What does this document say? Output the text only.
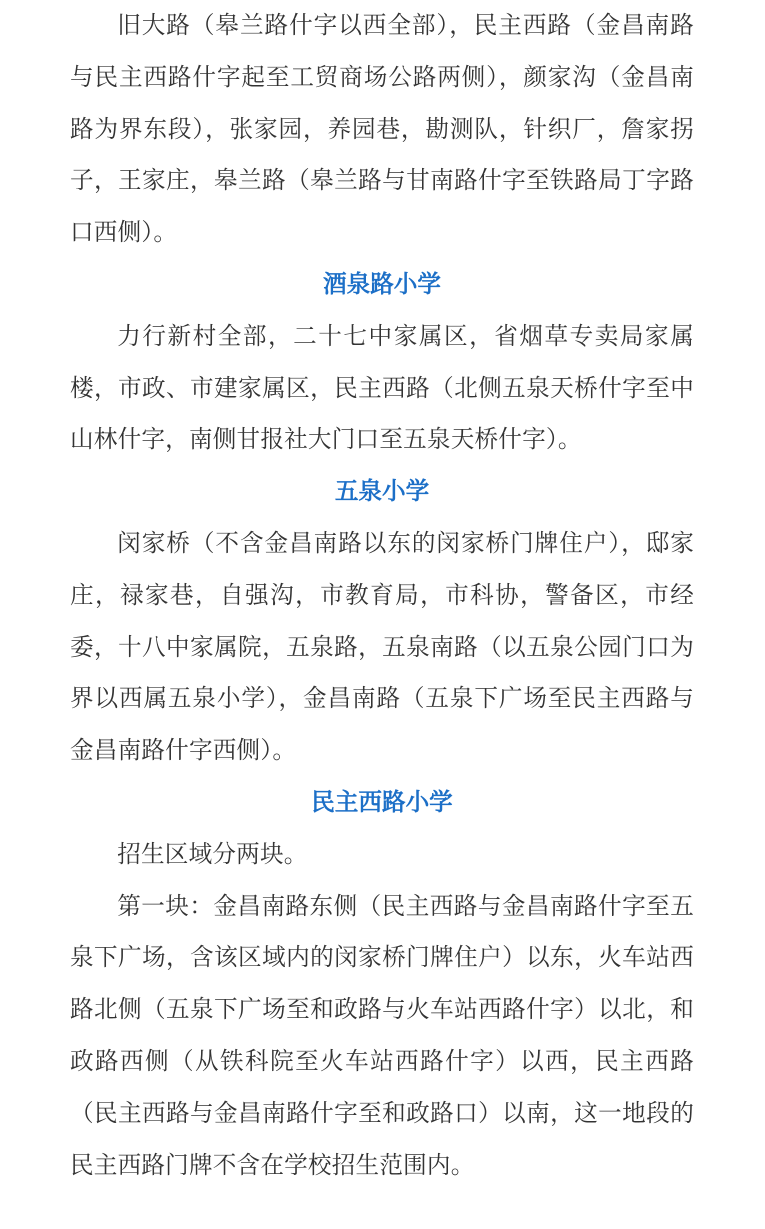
旧大路（皋兰路什字以西全部），民主西路（金昌南路与民主西路什字起至工贸商场公路两侧），颜家沟（金昌南路为界东段），张家园，养园巷，勘测队，针织厂，詹家拐子，王家庄，皋兰路（皋兰路与甘南路什字至铁路局丁字路口西侧）。

酒泉路小学

力行新村全部，二十七中家属区，省烟草专卖局家属楼，市政、市建家属区，民主西路（北侧五泉天桥什字至中山林什字，南侧甘报社大门口至五泉天桥什字）。

五泉小学

闵家桥（不含金昌南路以东的闵家桥门牌住户），邸家庄，禄家巷，自强沟，市教育局，市科协，警备区，市经委，十八中家属院，五泉路，五泉南路（以五泉公园门口为界以西属五泉小学），金昌南路（五泉下广场至民主西路与金昌南路什字西侧）。

民主西路小学

招生区域分两块。

第一块：金昌南路东侧（民主西路与金昌南路什字至五泉下广场，含该区域内的闵家桥门牌住户）以东，火车站西路北侧（五泉下广场至和政路与火车站西路什字）以北，和政路西侧（从铁科院至火车站西路什字）以西，民主西路（民主西路与金昌南路什字至和政路口）以南，这一地段的民主西路门牌不含在学校招生范围内。
